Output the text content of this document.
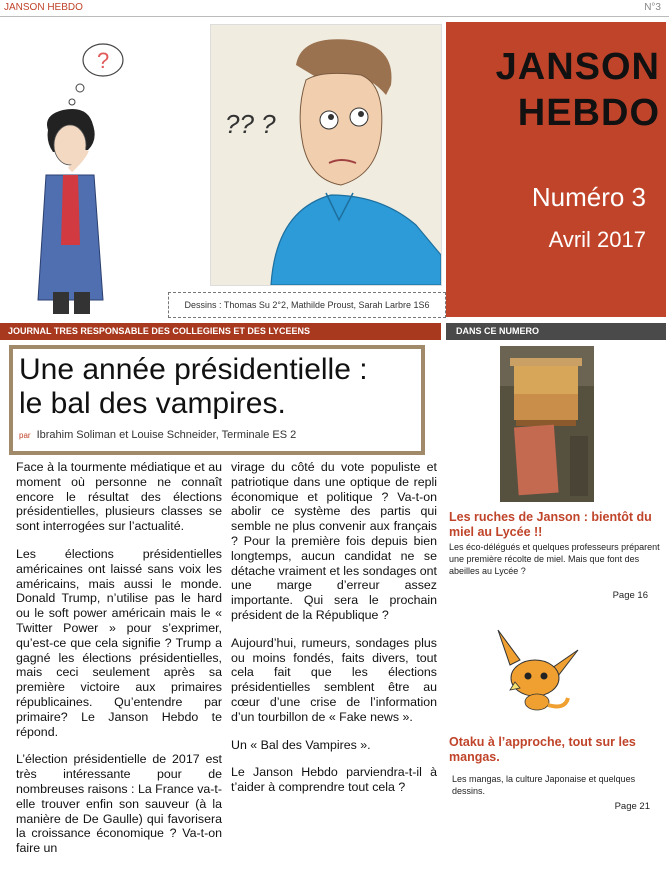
JANSON HEBDO	N°3
?
?? ?
Dessins : Thomas Su 2°2, Mathilde Proust, Sarah Larbre 1S6
JANSON
HEBDO
Numéro 3
Avril 2017
JOURNAL TRES RESPONSABLE DES COLLEGIENS ET DES LYCEENS	DANS CE NUMERO
Une année présidentielle :
le bal des vampires.
par Ibrahim Soliman et Louise Schneider, Terminale ES 2

Face à la tourmente médiatique et au moment où personne ne connaît encore le résultat des élections présidentielles, plusieurs classes se sont interrogées sur l’actualité.

Les élections présidentielles américaines ont laissé sans voix les américains, mais aussi le monde. Donald Trump, n’utilise pas le hard ou le soft power américain mais le « Twitter Power » pour s’exprimer, qu’est-ce que cela signifie ? Trump a gagné les élections présidentielles, mais ceci seulement après sa première victoire aux primaires républicaines. Qu’entendre par primaire? Le Janson Hebdo te répond.

L’élection présidentielle de 2017 est très intéressante pour de nombreuses raisons : La France va-t-elle trouver enfin son sauveur (à la manière de De Gaulle) qui favorisera la croissance économique ? Va-t-on faire un

virage du côté du vote populiste et patriotique dans une optique de repli économique et politique ? Va-t-on abolir ce système des partis qui semble ne plus convenir aux français ? Pour la première fois depuis bien longtemps, aucun candidat ne se détache vraiment et les sondages ont une marge d’erreur assez importante. Qui sera le prochain président de la République ?

Aujourd’hui, rumeurs, sondages plus ou moins fondés, faits divers, tout cela fait que les élections présidentielles semblent être au cœur d’une crise de l’information d’un tourbillon de « Fake news ».

Un « Bal des Vampires ».

Le Janson Hebdo parviendra-t-il à t’aider à comprendre tout cela ?

Les ruches de Janson : bientôt du miel au Lycée !!
Les éco-délégués et quelques professeurs préparent une première récolte de miel. Mais que font des abeilles au Lycée ?
Page 16
Otaku à l’approche, tout sur les mangas.
Les mangas, la culture Japonaise et quelques dessins.
Page 21
